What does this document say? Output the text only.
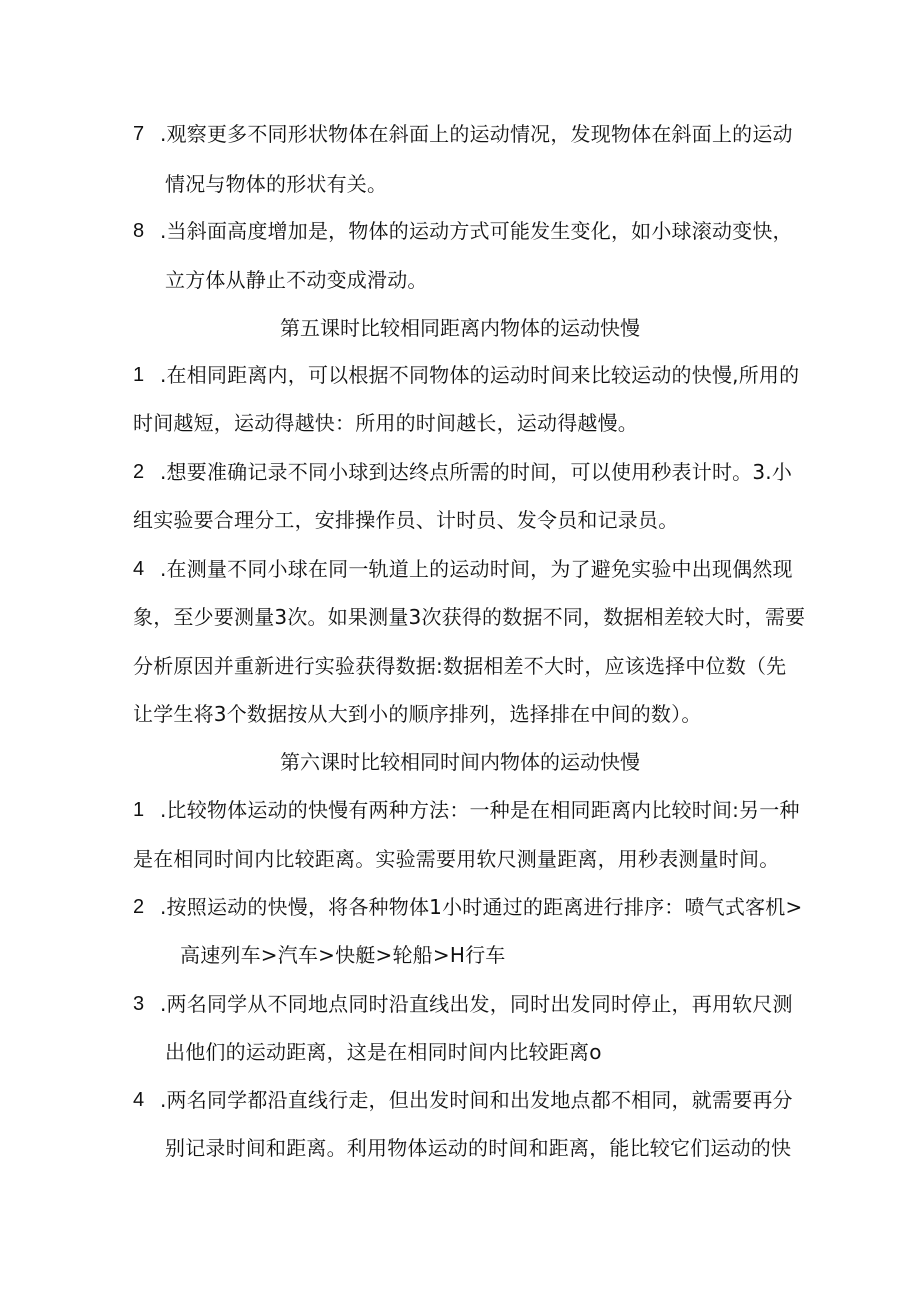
7 .观察更多不同形状物体在斜面上的运动情况，发现物体在斜面上的运动
情况与物体的形状有关。
8 .当斜面高度增加是，物体的运动方式可能发生变化，如小球滚动变快，
立方体从静止不动变成滑动。
第五课时比较相同距离内物体的运动快慢
1 .在相同距离内，可以根据不同物体的运动时间来比较运动的快慢,所用的
时间越短，运动得越快：所用的时间越长，运动得越慢。
2 .想要准确记录不同小球到达终点所需的时间，可以使用秒表计时。3.小
组实验要合理分工，安排操作员、计时员、发令员和记录员。
4 .在测量不同小球在同一轨道上的运动时间，为了避免实验中出现偶然现
象，至少要测量3次。如果测量3次获得的数据不同，数据相差较大时，需要
分析原因并重新进行实验获得数据:数据相差不大时，应该选择中位数（先
让学生将3个数据按从大到小的顺序排列，选择排在中间的数）。
第六课时比较相同时间内物体的运动快慢
1 .比较物体运动的快慢有两种方法：一种是在相同距离内比较时间:另一种
是在相同时间内比较距离。实验需要用软尺测量距离，用秒表测量时间。
2 .按照运动的快慢，将各种物体1小时通过的距离进行排序：喷气式客机>
高速列车>汽车>快艇>轮船>H行车
3 .两名同学从不同地点同时沿直线出发，同时出发同时停止，再用软尺测
出他们的运动距离，这是在相同时间内比较距离o
4 .两名同学都沿直线行走，但出发时间和出发地点都不相同，就需要再分
别记录时间和距离。利用物体运动的时间和距离，能比较它们运动的快
